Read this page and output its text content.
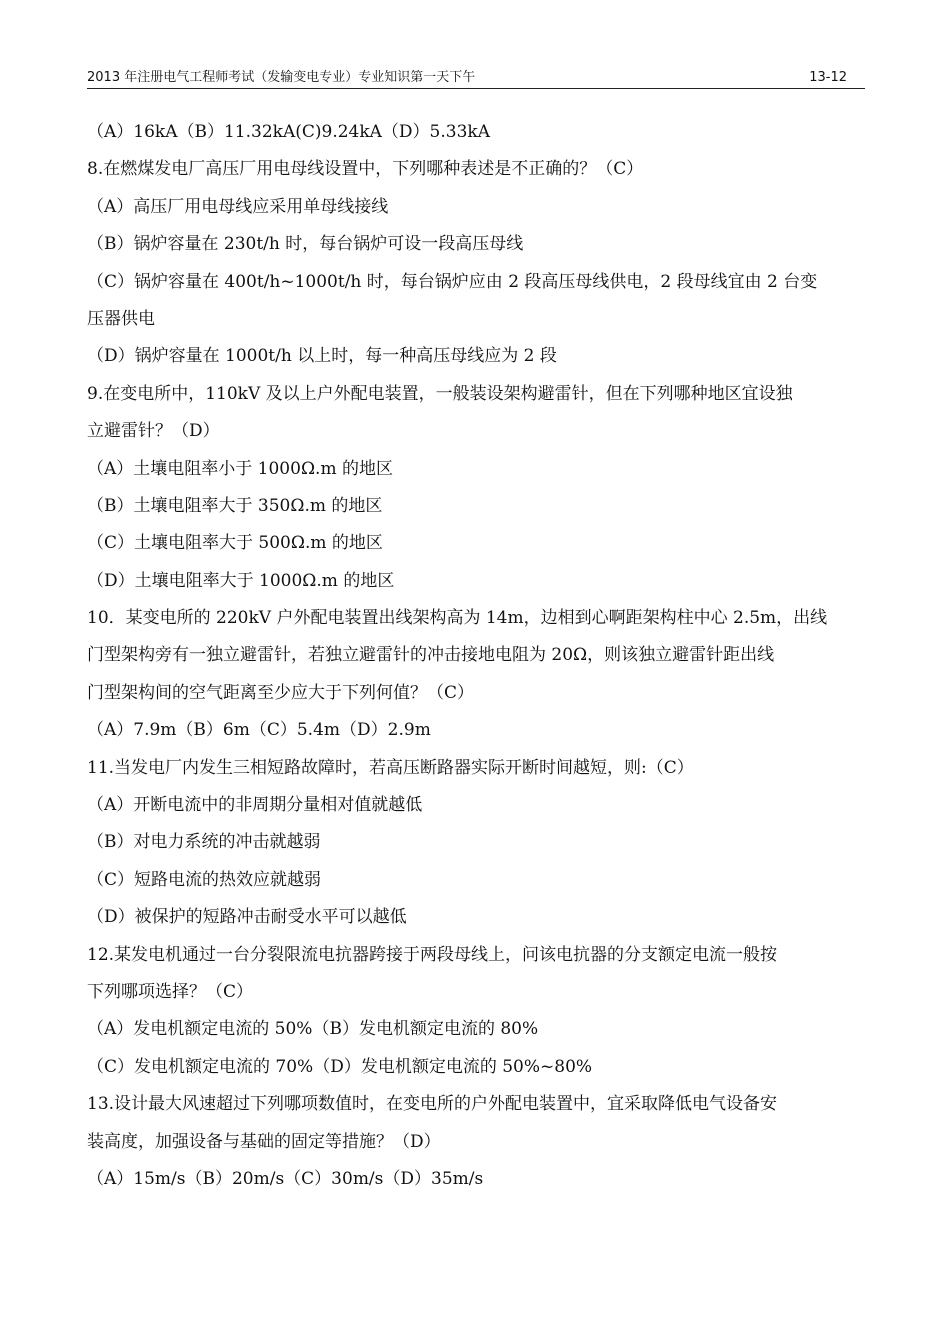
2013 年注册电气工程师考试（发输变电专业）专业知识第一天下午	13-12
（A）16kA（B）11.32kA(C)9.24kA（D）5.33kA
8.在燃煤发电厂高压厂用电母线设置中，下列哪种表述是不正确的？（C）
（A）高压厂用电母线应采用单母线接线
（B）锅炉容量在 230t/h 时，每台锅炉可设一段高压母线
（C）锅炉容量在 400t/h~1000t/h 时，每台锅炉应由 2 段高压母线供电，2 段母线宜由 2 台变
压器供电
（D）锅炉容量在 1000t/h 以上时，每一种高压母线应为 2 段
9.在变电所中，110kV 及以上户外配电装置，一般装设架构避雷针，但在下列哪种地区宜设独
立避雷针？（D）
（A）土壤电阻率小于 1000Ω.m 的地区
（B）土壤电阻率大于 350Ω.m 的地区
（C）土壤电阻率大于 500Ω.m 的地区
（D）土壤电阻率大于 1000Ω.m 的地区
10．某变电所的 220kV 户外配电装置出线架构高为 14m，边相到心啊距架构柱中心 2.5m，出线
门型架构旁有一独立避雷针，若独立避雷针的冲击接地电阻为 20Ω，则该独立避雷针距出线
门型架构间的空气距离至少应大于下列何值？（C）
（A）7.9m（B）6m（C）5.4m（D）2.9m
11.当发电厂内发生三相短路故障时，若高压断路器实际开断时间越短，则:（C）
（A）开断电流中的非周期分量相对值就越低
（B）对电力系统的冲击就越弱
（C）短路电流的热效应就越弱
（D）被保护的短路冲击耐受水平可以越低
12.某发电机通过一台分裂限流电抗器跨接于两段母线上，问该电抗器的分支额定电流一般按
下列哪项选择？（C）
（A）发电机额定电流的 50%（B）发电机额定电流的 80%
（C）发电机额定电流的 70%（D）发电机额定电流的 50%~80%
13.设计最大风速超过下列哪项数值时，在变电所的户外配电装置中，宜采取降低电气设备安
装高度，加强设备与基础的固定等措施？（D）
（A）15m/s（B）20m/s（C）30m/s（D）35m/s
